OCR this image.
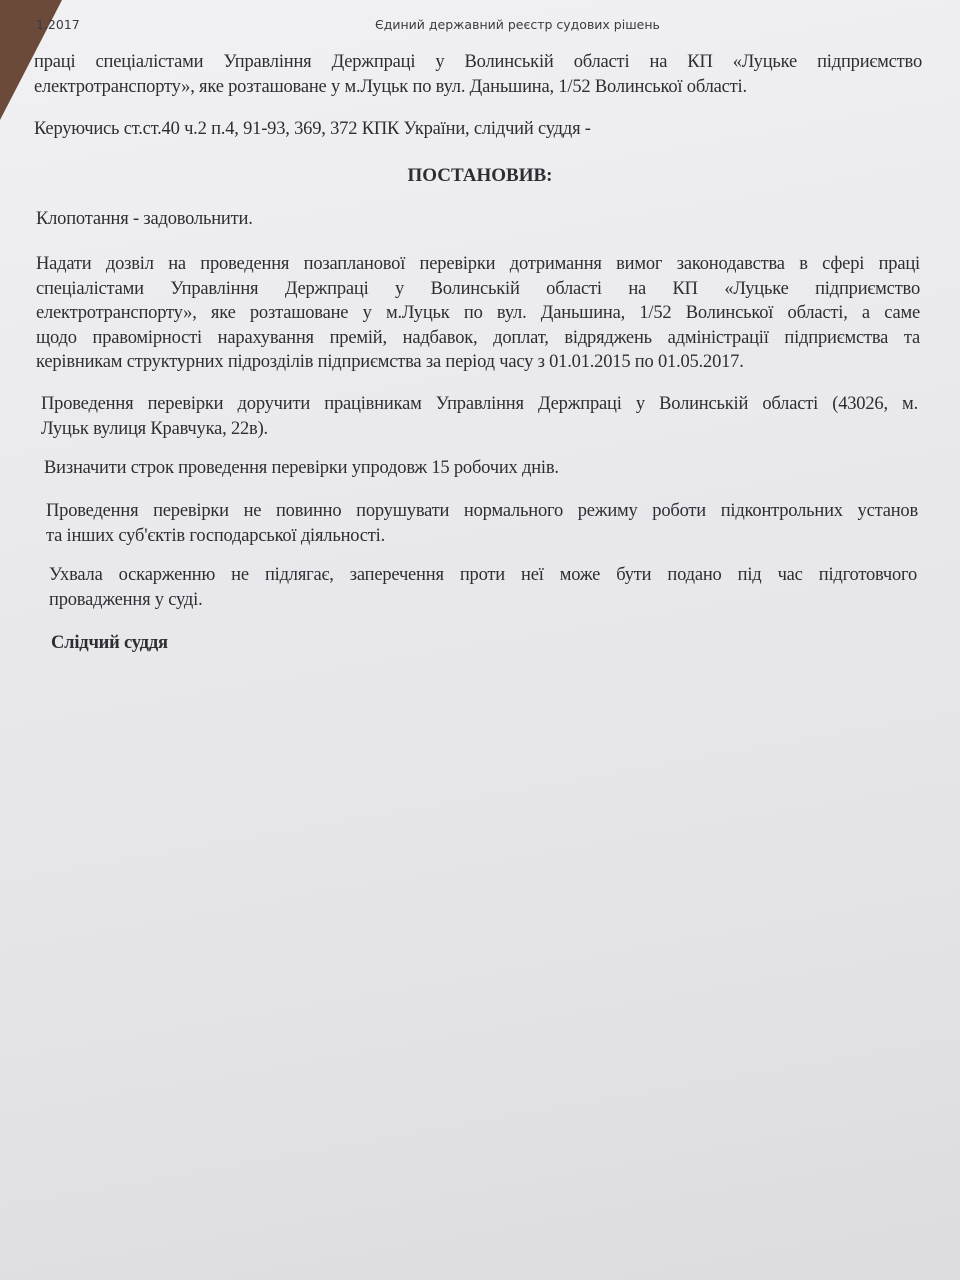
1.2017	Єдиний державний реєстр судових рішень
праці спеціалістами Управління Держпраці у Волинській області на КП «Луцьке підприємство
електротранспорту», яке розташоване у м.Луцьк по вул. Даньшина, 1/52 Волинської області.
Керуючись ст.ст.40 ч.2 п.4, 91-93, 369, 372 КПК України, слідчий суддя -
ПОСТАНОВИВ:
Клопотання - задовольнити.
Надати дозвіл на проведення позапланової перевірки дотримання вимог законодавства в сфері праці
спеціалістами Управління Держпраці у Волинській області на КП «Луцьке підприємство
електротранспорту», яке розташоване у м.Луцьк по вул. Даньшина, 1/52 Волинської області, а саме
щодо правомірності нарахування премій, надбавок, доплат, відряджень адміністрації підприємства та
керівникам структурних підрозділів підприємства за період часу з 01.01.2015 по 01.05.2017.
Проведення перевірки доручити працівникам Управління Держпраці у Волинській області (43026, м.
Луцьк вулиця Кравчука, 22в).
Визначити строк проведення перевірки упродовж 15 робочих днів.
Проведення перевірки не повинно порушувати нормального режиму роботи підконтрольних установ
та інших суб'єктів господарської діяльності.
Ухвала оскарженню не підлягає, заперечення проти неї може бути подано під час підготовчого
провадження у суді.
Слідчий суддя
